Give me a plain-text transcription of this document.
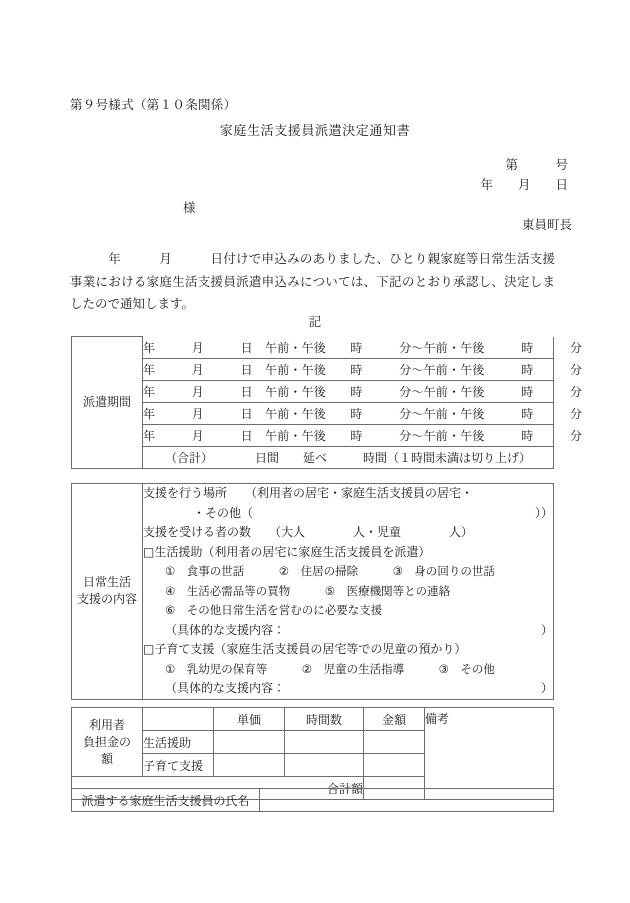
第９号様式（第１０条関係）
家庭生活支援員派遣決定通知書
第　　　号
年　　月　　日
様
東員町長
年　　　月　　　日付けで申込みのありました、ひとり親家庭等日常生活支援事業における家庭生活支援員派遣申込みについては、下記のとおり承認し、決定しましたので通知します。
記
派遣期間	
年　　　月　　　日　午前・午後　　時　　　分～午前・午後　　　時　　　分

年　　　月　　　日　午前・午後　　時　　　分～午前・午後　　　時　　　分

年　　　月　　　日　午前・午後　　時　　　分～午前・午後　　　時　　　分

年　　　月　　　日　午前・午後　　時　　　分～午前・午後　　　時　　　分

年　　　月　　　日　午前・午後　　時　　　分～午前・午後　　　時　　　分

（合計）　　　　日間　　延べ　　　時間（１時間未満は切り上げ）
日常生活
支援の内容

支援を行う場所　　（利用者の居宅・家庭生活支援員の居宅・
・その他（	））
支援を受ける者の数　　（大人　　　　人・児童　　　　人）
□生活援助（利用者の居宅に家庭生活支援員を派遣）
①　食事の世話　　　②　住居の掃除　　　③　身の回りの世話
④　生活必需品等の買物　　　⑤　医療機関等との連絡
⑥　その他日常生活を営むのに必要な支援
（具体的な支援内容：	）
□子育て支援（家庭生活支援員の居宅等での児童の預かり）
①　乳幼児の保育等　　　②　児童の生活指導　　　③　その他
（具体的な支援内容：	）
利用者
負担金の
額		単価	時間数	金額	備考

	生活援助				
	子育て支援				
合計額					
派遣する家庭生活支援員の氏名	
